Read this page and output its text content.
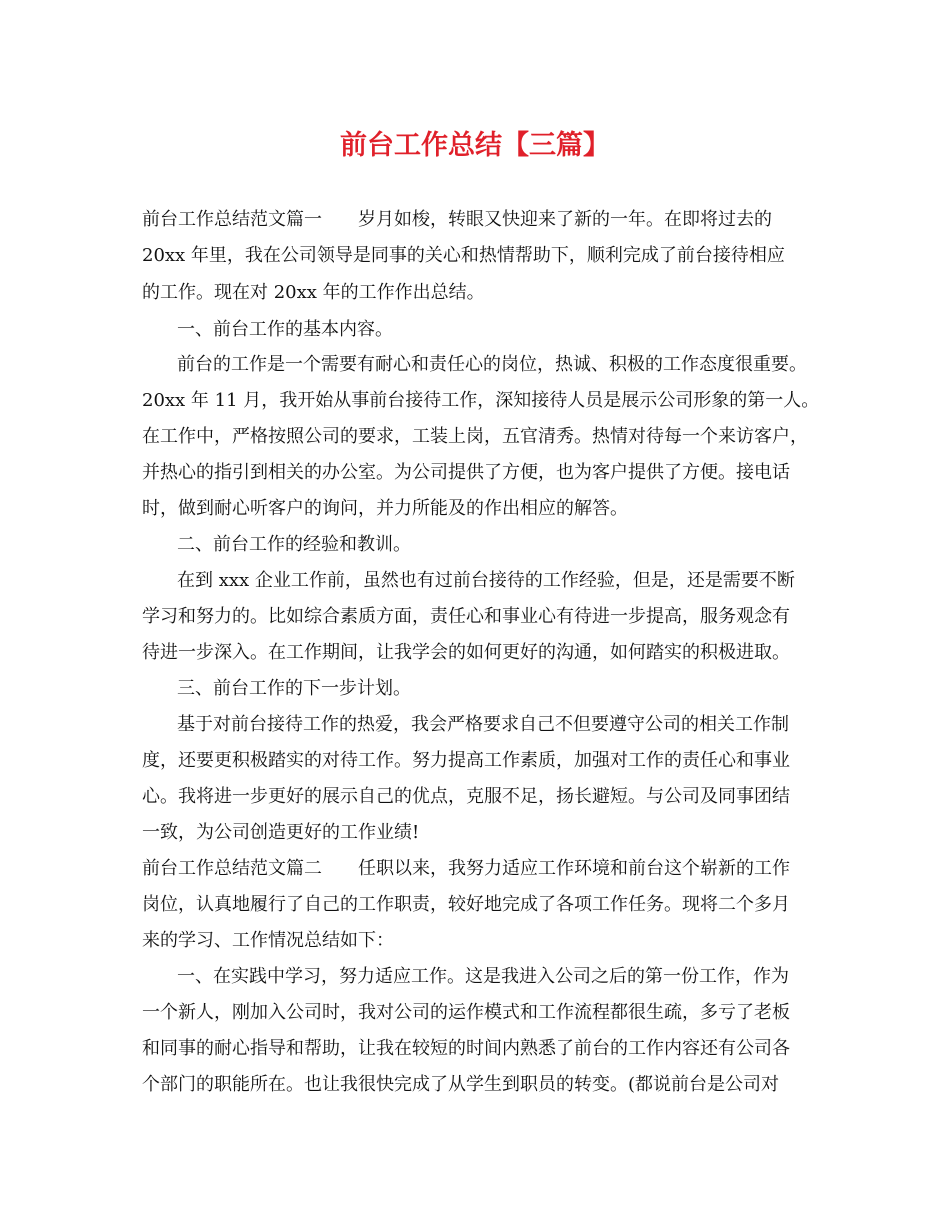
前台工作总结【三篇】

前台工作总结范文篇一　　岁月如梭，转眼又快迎来了新的一年。在即将过去的

20xx 年里，我在公司领导是同事的关心和热情帮助下，顺利完成了前台接待相应

的工作。现在对 20xx 年的工作作出总结。

一、前台工作的基本内容。

前台的工作是一个需要有耐心和责任心的岗位，热诚、积极的工作态度很重要。

20xx 年 11 月，我开始从事前台接待工作，深知接待人员是展示公司形象的第一人。

在工作中，严格按照公司的要求，工装上岗，五官清秀。热情对待每一个来访客户，

并热心的指引到相关的办公室。为公司提供了方便，也为客户提供了方便。接电话

时，做到耐心听客户的询问，并力所能及的作出相应的解答。

二、前台工作的经验和教训。

在到 xxx 企业工作前，虽然也有过前台接待的工作经验，但是，还是需要不断

学习和努力的。比如综合素质方面，责任心和事业心有待进一步提高，服务观念有

待进一步深入。在工作期间，让我学会的如何更好的沟通，如何踏实的积极进取。

三、前台工作的下一步计划。

基于对前台接待工作的热爱，我会严格要求自己不但要遵守公司的相关工作制

度，还要更积极踏实的对待工作。努力提高工作素质，加强对工作的责任心和事业

心。我将进一步更好的展示自己的优点，克服不足，扬长避短。与公司及同事团结

一致，为公司创造更好的工作业绩!

前台工作总结范文篇二　　任职以来，我努力适应工作环境和前台这个崭新的工作

岗位，认真地履行了自己的工作职责，较好地完成了各项工作任务。现将二个多月

来的学习、工作情况总结如下：

一、在实践中学习，努力适应工作。这是我进入公司之后的第一份工作，作为

一个新人，刚加入公司时，我对公司的运作模式和工作流程都很生疏，多亏了老板

和同事的耐心指导和帮助，让我在较短的时间内熟悉了前台的工作内容还有公司各

个部门的职能所在。也让我很快完成了从学生到职员的转变。(都说前台是公司对
